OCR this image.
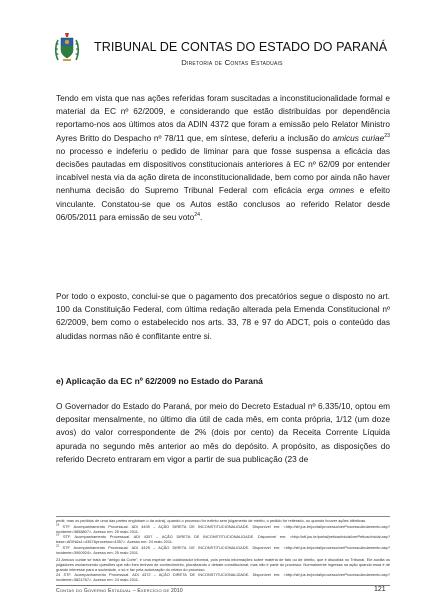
TRIBUNAL DE CONTAS DO ESTADO DO PARANÁ
Diretoria de Contas Estaduais
Tendo em vista que nas ações referidas foram suscitadas a inconstitucionalidade formal e material da EC nº 62/2009, e considerando que estão distribuídas por dependência reportamo-nos aos últimos atos da ADIN 4372 que foram a emissão pelo Relator Ministro Ayres Britto do Despacho nº 78/11 que, em síntese, deferiu a inclusão do amicus curiae$^{23}$ no processo e indeferiu o pedido de liminar para que fosse suspensa a eficácia das decisões pautadas em dispositivos constitucionais anteriores à EC nº 62/09 por entender incabível nesta via da ação direta de inconstitucionalidade, bem como por ainda não haver nenhuma decisão do Supremo Tribunal Federal com eficácia erga omnes e efeito vinculante. Constatou-se que os Autos estão conclusos ao referido Relator desde 06/05/2011 para emissão de seu voto$^{24}$.
Por todo o exposto, conclui-se que o pagamento dos precatórios segue o disposto no art. 100 da Constituição Federal, com última redação alterada pela Emenda Constitucional nº 62/2009, bem como o estabelecido nos arts. 33, 78 e 97 do ADCT, pois o conteúdo das aludidas normas não é conflitante entre si.
e) Aplicação da EC nº 62/2009 no Estado do Paraná
O Governador do Estado do Paraná, por meio do Decreto Estadual nº 6.335/10, optou em depositar mensalmente, no último dia útil de cada mês, em conta própria, 1/12 (um doze avos) do valor correspondente de 2% (dois por cento) da Receita Corrente Líquida apurada no segundo mês anterior ao mês do depósito. A propósito, as disposições do referido Decreto entraram em vigor a partir de sua publicação (23 de

pedir, mas os pedidos de uma das partes englobam o da outra), quando o processo for extinto sem julgamento de mérito, o pedido for reiterado, ou quando houver ações idênticas.

$^{18}$ STF. Acompanhamento Processual. ADI 4400 – AÇÃO DIRETA DE INCONSTITUCIONALIDADE. Disponível em: <http://stf.jus.br/portal/processo/verProcessoAndamento.asp?incidente=3858807>. Acesso em: 25 maio 2011.

$^{19}$ STF. Acompanhamento Processual. ADI 4357 – AÇÃO DIRETA DE INCONSTITUCIONALIDADE. Disponível em: <http://stf.jus.br/portal/peticaoInicial/verPeticaoInicial.asp?base=ADIN&s1=4357&processo=4357>. Acesso em: 24 maio 2011.

$^{22}$ STF. Acompanhamento Processual. ADI 4425 – AÇÃO DIRETA DE INCONSTITUCIONALIDADE. Disponível em: <http://stf.jus.br/portal/processo/verProcessoAndamento.asp?incidente=3900924>. Acesso em: 25 maio 2011.

23 Amicus curiae se trata de "amigo da Corte", é uma espécie de colaborador informal, pois presta informações sobre matéria de fato ou de direito, que é discutida no Tribunal. Ele auxilia os julgadores esclarecendo questões que não lhes tenham de conhecimento, pluralizando o debate constitucional, mas não é parte do processo. Normalmente ingressa na ação quando essa é de grande interesse para a sociedade, o só e faz pela autorização do relator do processo.

24 STF. Acompanhamento Processual. ADI 4372 – AÇÃO DIRETA DE INCONSTITUCIONALIDADE. Disponível em: <http://stf.jus.br/portal/processo/verProcessoAndamento.asp?incidente=3824767>. Acesso em: 24 maio 2011.

Contas do Governo Estadual – Exercício de 2010	121
